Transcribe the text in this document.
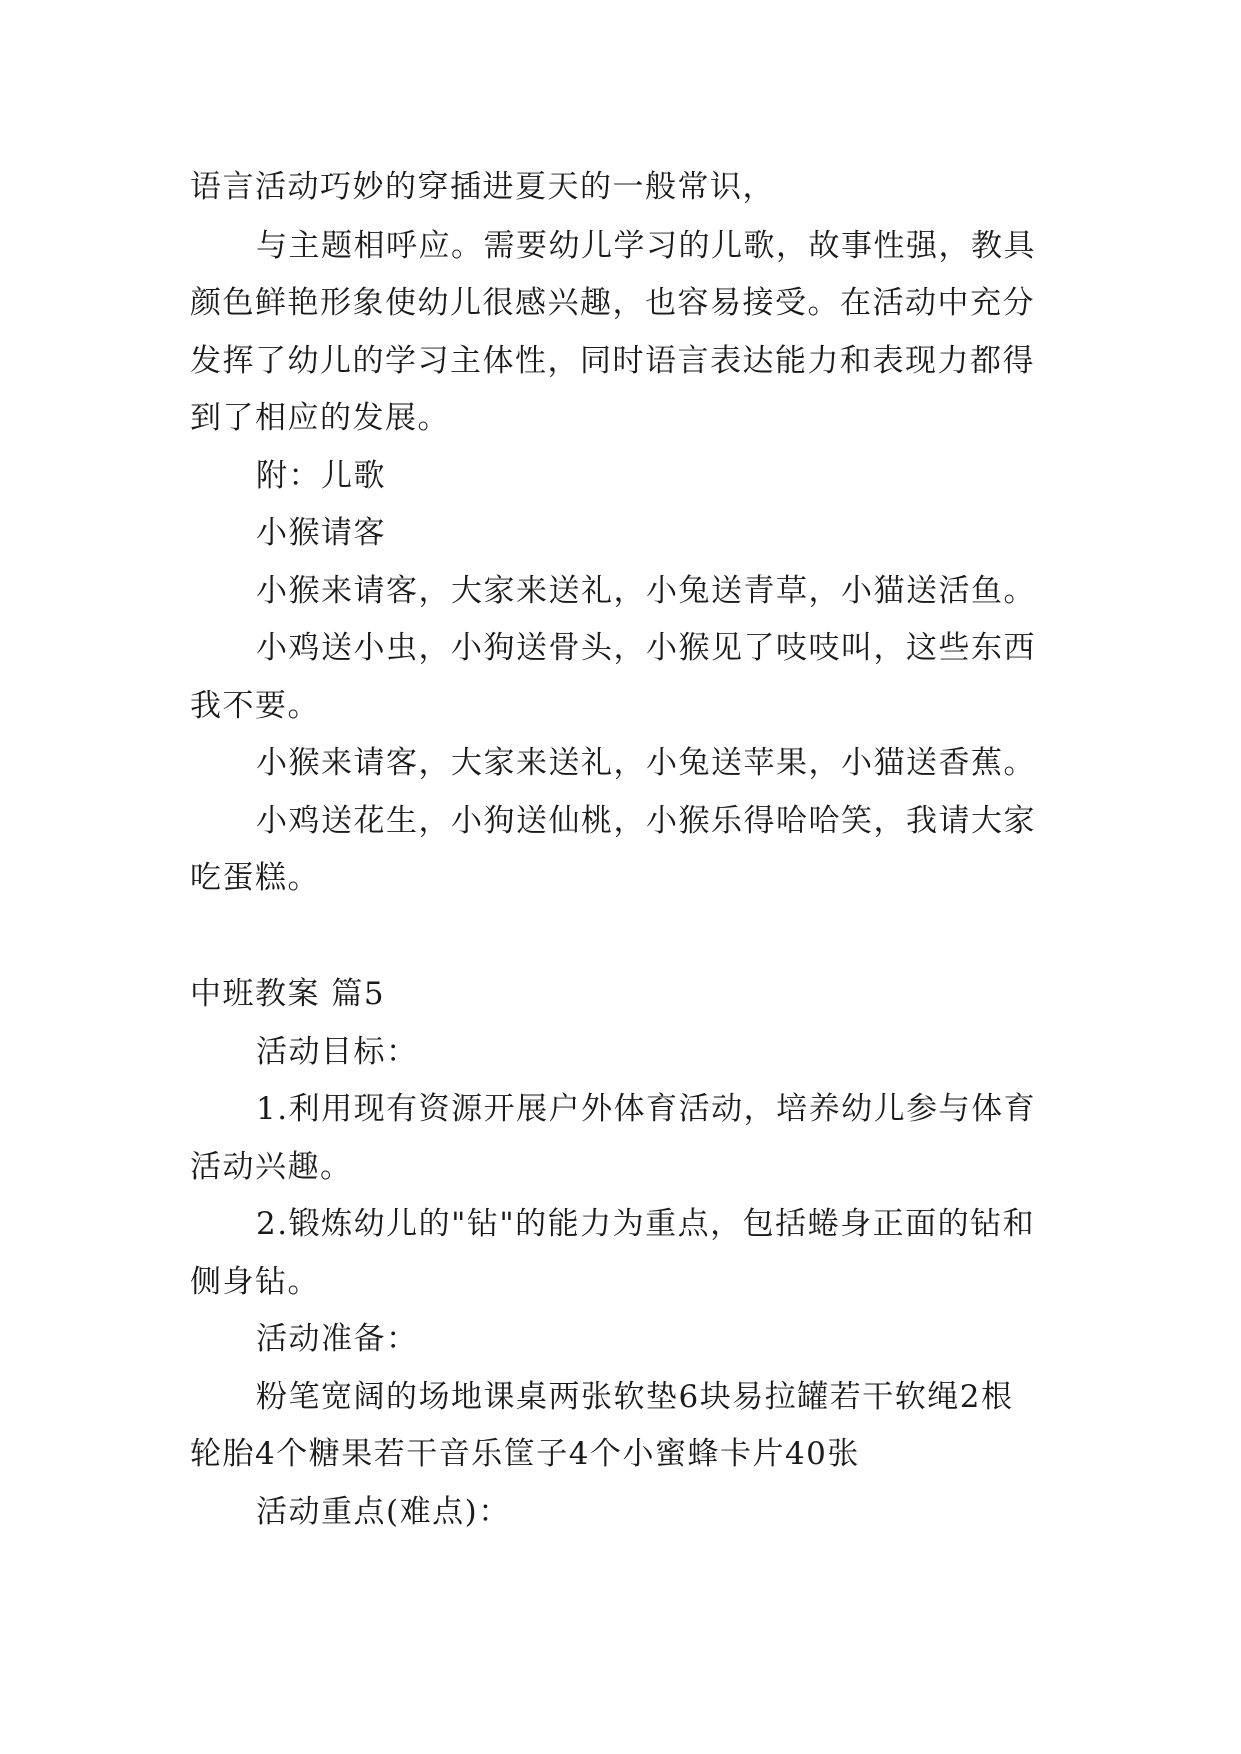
语言活动巧妙的穿插进夏天的一般常识，
与主题相呼应。需要幼儿学习的儿歌，故事性强，教具
颜色鲜艳形象使幼儿很感兴趣，也容易接受。在活动中充分
发挥了幼儿的学习主体性，同时语言表达能力和表现力都得
到了相应的发展。
附：儿歌
小猴请客
小猴来请客，大家来送礼，小兔送青草，小猫送活鱼。
小鸡送小虫，小狗送骨头，小猴见了吱吱叫，这些东西
我不要。
小猴来请客，大家来送礼，小兔送苹果，小猫送香蕉。
小鸡送花生，小狗送仙桃，小猴乐得哈哈笑，我请大家
吃蛋糕。
中班教案 篇5
活动目标：
1.利用现有资源开展户外体育活动，培养幼儿参与体育
活动兴趣。
2.锻炼幼儿的"钻"的能力为重点，包括蜷身正面的钻和
侧身钻。
活动准备：
粉笔宽阔的场地课桌两张软垫6块易拉罐若干软绳2根
轮胎4个糖果若干音乐筐子4个小蜜蜂卡片40张
活动重点(难点)：
